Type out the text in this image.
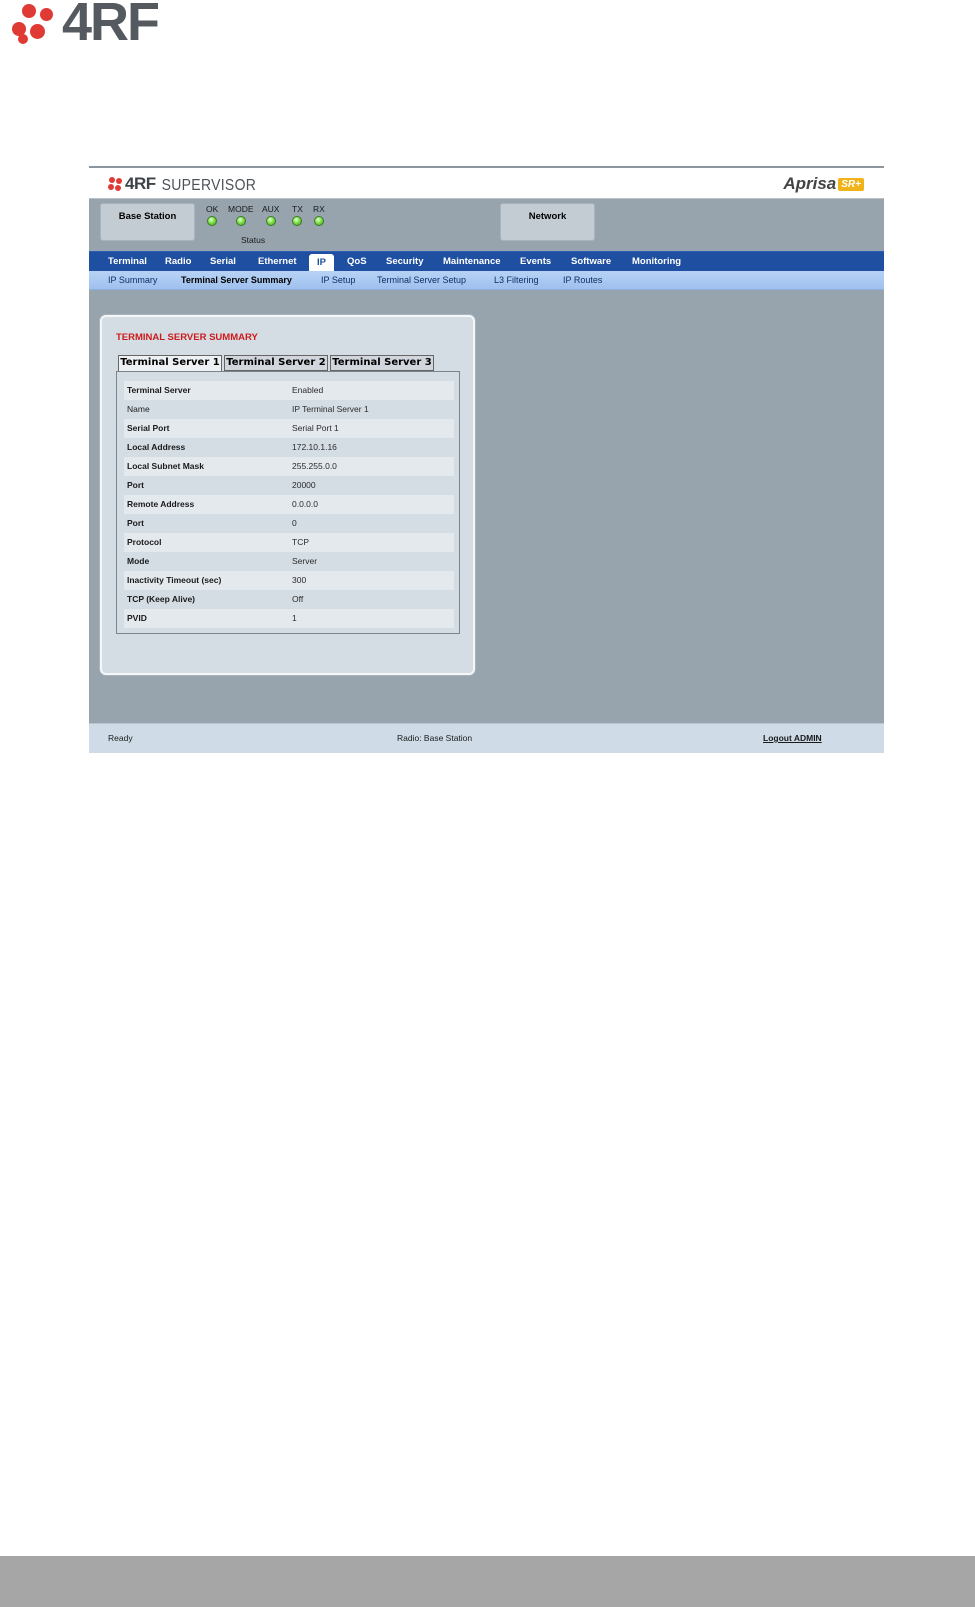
4RF
4RF SUPERVISOR	Aprisa SR+
Base Station
OK MODE AUX TX RX
Status
Network
Terminal Radio Serial Ethernet	IP	QoS Security Maintenance Events Software Monitoring
IP Summary	Terminal Server Summary	IP Setup Terminal Server Setup	L3 Filtering	IP Routes
TERMINAL SERVER SUMMARY
Terminal Server 1 Terminal Server 2 Terminal Server 3
Terminal Server	Enabled
Name	IP Terminal Server 1
Serial Port	Serial Port 1
Local Address	172.10.1.16
Local Subnet Mask	255.255.0.0
Port	20000
Remote Address	0.0.0.0
Port	0
Protocol	TCP
Mode	Server
Inactivity Timeout (sec)	300
TCP (Keep Alive)	Off
PVID	1
Ready	Radio: Base Station	Logout ADMIN
